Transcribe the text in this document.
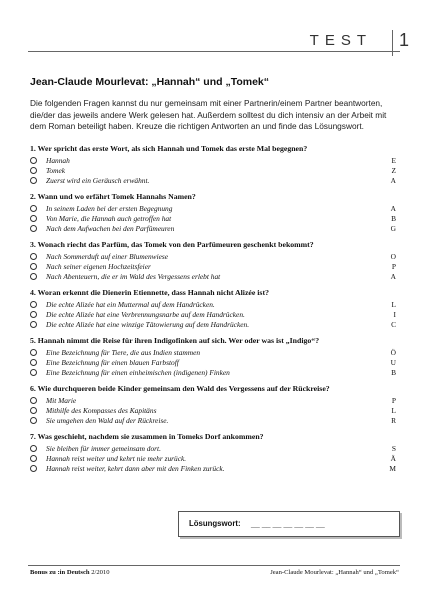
TEST 1
Jean-Claude Mourlevat: „Hannah“ und „Tomek“
Die folgenden Fragen kannst du nur gemeinsam mit einer Partnerin/einem Partner beantworten, die/der das jeweils andere Werk gelesen hat. Außerdem solltest du dich intensiv an der Arbeit mit dem Roman beteiligt haben. Kreuze die richtigen Antworten an und finde das Lösungswort.
1. Wer spricht das erste Wort, als sich Hannah und Tomek das erste Mal begegnen?
Hannah	E
Tomek	Z
Zuerst wird ein Geräusch erwähnt.	A
2. Wann und wo erfährt Tomek Hannahs Namen?
In seinem Laden bei der ersten Begegnung	A
Von Marie, die Hannah auch getroffen hat	B
Nach dem Aufwachen bei den Parfümeuren	G
3. Wonach riecht das Parfüm, das Tomek von den Parfümeuren geschenkt bekommt?
Nach Sommerduft auf einer Blumenwiese	O
Nach seiner eigenen Hochzeitsfeier	P
Nach Abenteuern, die er im Wald des Vergessens erlebt hat	A
4. Woran erkennt die Dienerin Etiennette, dass Hannah nicht Alizée ist?
Die echte Alizée hat ein Muttermal auf dem Handrücken.	L
Die echte Alizée hat eine Verbrennungsnarbe auf dem Handrücken.	I
Die echte Alizée hat eine winzige Tätowierung auf dem Handrücken.	C
5. Hannah nimmt die Reise für ihren Indigofinken auf sich. Wer oder was ist „Indigo“?
Eine Bezeichnung für Tiere, die aus Indien stammen	Ö
Eine Bezeichnung für einen blauen Farbstoff	U
Eine Bezeichnung für einen einheimischen (indigenen) Finken	B
6. Wie durchqueren beide Kinder gemeinsam den Wald des Vergessens auf der Rückreise?
Mit Marie	P
Mithilfe des Kompasses des Kapitäns	L
Sie umgehen den Wald auf der Rückreise.	R
7. Was geschieht, nachdem sie zusammen in Tomeks Dorf ankommen?
Sie bleiben für immer gemeinsam dort.	S
Hannah reist weiter und kehrt nie mehr zurück.	Ä
Hannah reist weiter, kehrt dann aber mit den Finken zurück.	M
Lösungswort: __ __ __ __ __ __ __
Bonus zu :in Deutsch 2/2010	Jean-Claude Mourlevat: „Hannah“ und „Tomek“
